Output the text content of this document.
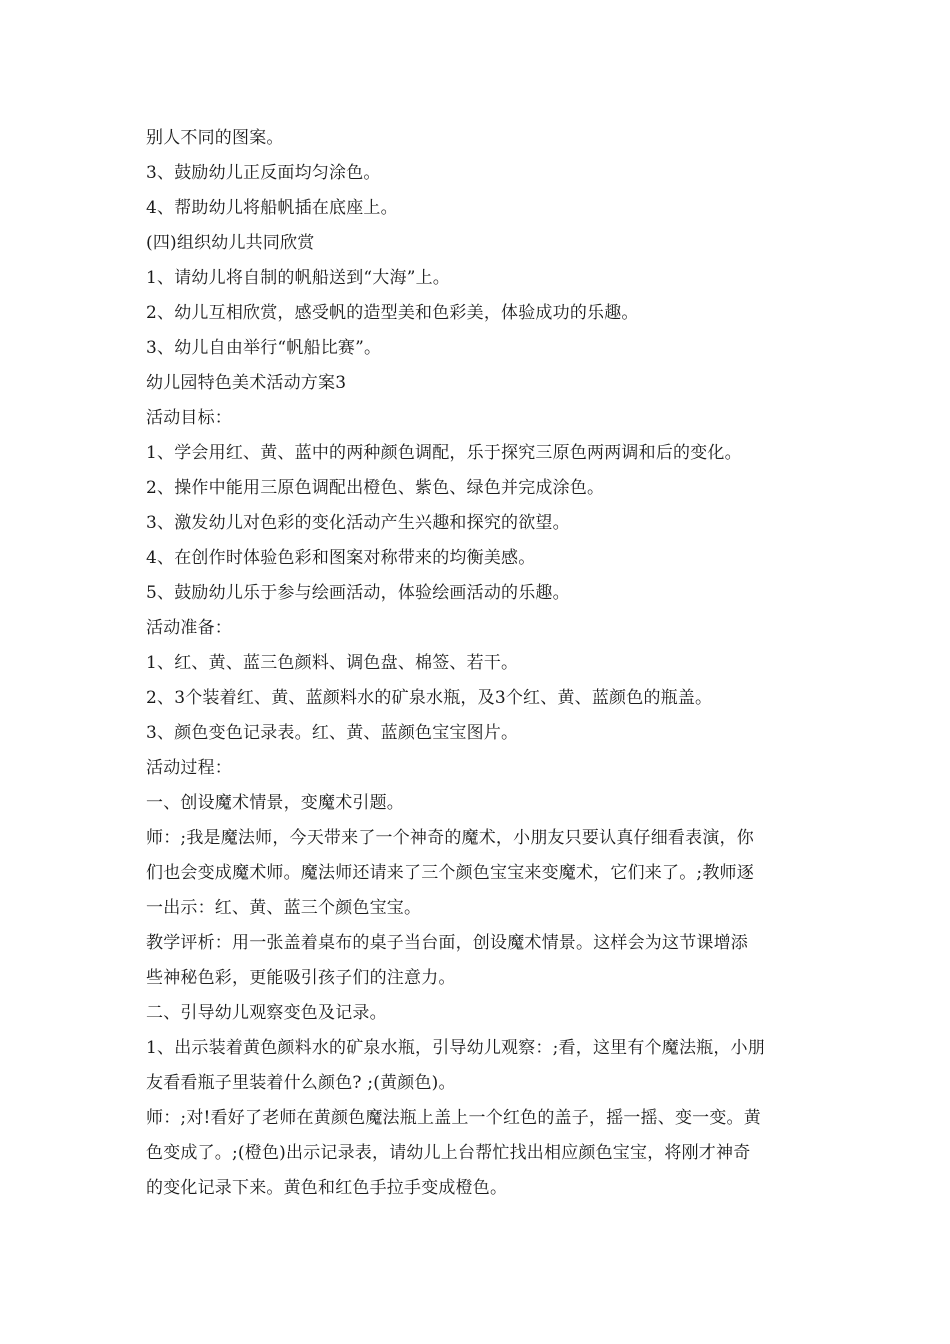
别人不同的图案。
3、鼓励幼儿正反面均匀涂色。
4、帮助幼儿将船帆插在底座上。
(四)组织幼儿共同欣赏
1、请幼儿将自制的帆船送到“大海”上。
2、幼儿互相欣赏，感受帆的造型美和色彩美，体验成功的乐趣。
3、幼儿自由举行“帆船比赛”。
幼儿园特色美术活动方案3
活动目标：
1、学会用红、黄、蓝中的两种颜色调配，乐于探究三原色两两调和后的变化。
2、操作中能用三原色调配出橙色、紫色、绿色并完成涂色。
3、激发幼儿对色彩的变化活动产生兴趣和探究的欲望。
4、在创作时体验色彩和图案对称带来的均衡美感。
5、鼓励幼儿乐于参与绘画活动，体验绘画活动的乐趣。
活动准备：
1、红、黄、蓝三色颜料、调色盘、棉签、若干。
2、3个装着红、黄、蓝颜料水的矿泉水瓶，及3个红、黄、蓝颜色的瓶盖。
3、颜色变色记录表。红、黄、蓝颜色宝宝图片。
活动过程：
一、创设魔术情景，变魔术引题。
师：;我是魔法师，今天带来了一个神奇的魔术，小朋友只要认真仔细看表演，你
们也会变成魔术师。魔法师还请来了三个颜色宝宝来变魔术，它们来了。;教师逐
一出示：红、黄、蓝三个颜色宝宝。
教学评析：用一张盖着桌布的桌子当台面，创设魔术情景。这样会为这节课增添
些神秘色彩，更能吸引孩子们的注意力。
二、引导幼儿观察变色及记录。
1、出示装着黄色颜料水的矿泉水瓶，引导幼儿观察：;看，这里有个魔法瓶，小朋
友看看瓶子里装着什么颜色? ;(黄颜色)。
师：;对!看好了老师在黄颜色魔法瓶上盖上一个红色的盖子，摇一摇、变一变。黄
色变成了。;(橙色)出示记录表，请幼儿上台帮忙找出相应颜色宝宝，将刚才神奇
的变化记录下来。黄色和红色手拉手变成橙色。
